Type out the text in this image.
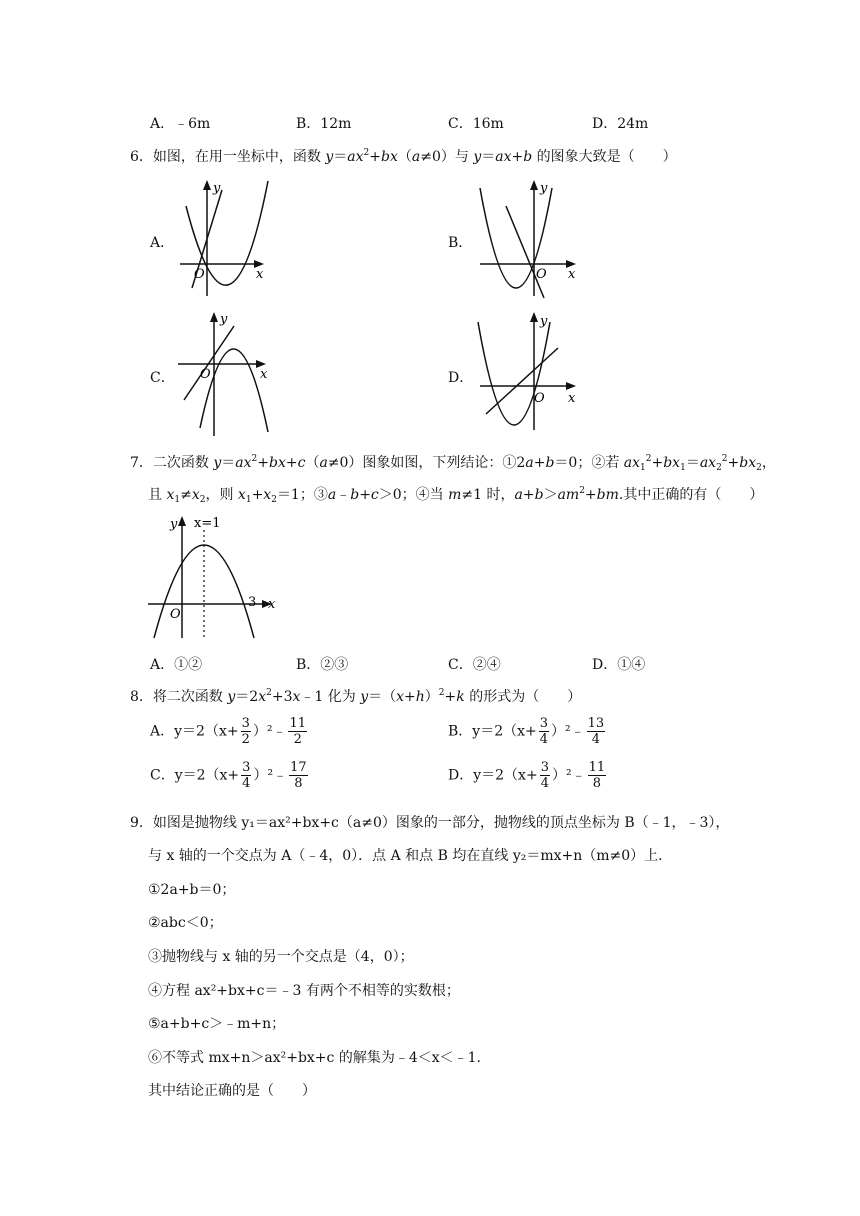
A．﹣6m	B．12m	C．16m	D．24m
6．如图，在用一坐标中，函数 $y=ax^2+bx(a\ne 0)$与 y＝ax+b 的图象大致是（　　）
A．	B．
C．	D．
y
x
O
y
x
O
y
x
O
y
x
O
7．二次函数 $y=ax^2+bx+c(a\ne 0)$图象如图，下列结论：①2a+b＝0；②若 $ax_1^2+bx_1=ax_2^2+bx_2$，
且 $x_1\ne x_2$，则 $x_1+x_2=1$；③a﹣b+c＞0；④当 m≠1 时，$a+b>am^2+bm$.其中正确的有（　　）
y x=1
x
O
3
A．①②	B．②③	C．②④	D．①④
8．将二次函数 $y=2x^2+3x﹣1$ 化为 $y=(x+h)^2+k$ 的形式为（　　）
A．$y=2(x+ \frac{3}{2}$ ）²﹣ $\frac{11}{2}$	B．$y=2(x+ \frac{3}{4}$ ）²﹣ $\frac{13}{4}$
C．$y=2(x+ \frac{3}{4}$ ）²﹣ $\frac{17}{8}$	D．$y=2(x+ \frac{3}{4}$ ）²﹣ $\frac{11}{8}$
9．如图是抛物线 y₁＝ax²+bx+c（a≠0）图象的一部分，抛物线的顶点坐标为 B（﹣1，﹣3），
与 x 轴的一个交点为 A（﹣4，0）．点 A 和点 B 均在直线 y₂＝mx+n（m≠0）上．
①2a+b＝0；
②abc＜0；
③抛物线与 x 轴的另一个交点是（4，0）；
④方程 ax²+bx+c＝﹣3 有两个不相等的实数根；
⑤a+b+c＞﹣m+n；
⑥不等式 mx+n＞ax²+bx+c 的解集为﹣4＜x＜﹣1.
其中结论正确的是（　　）
